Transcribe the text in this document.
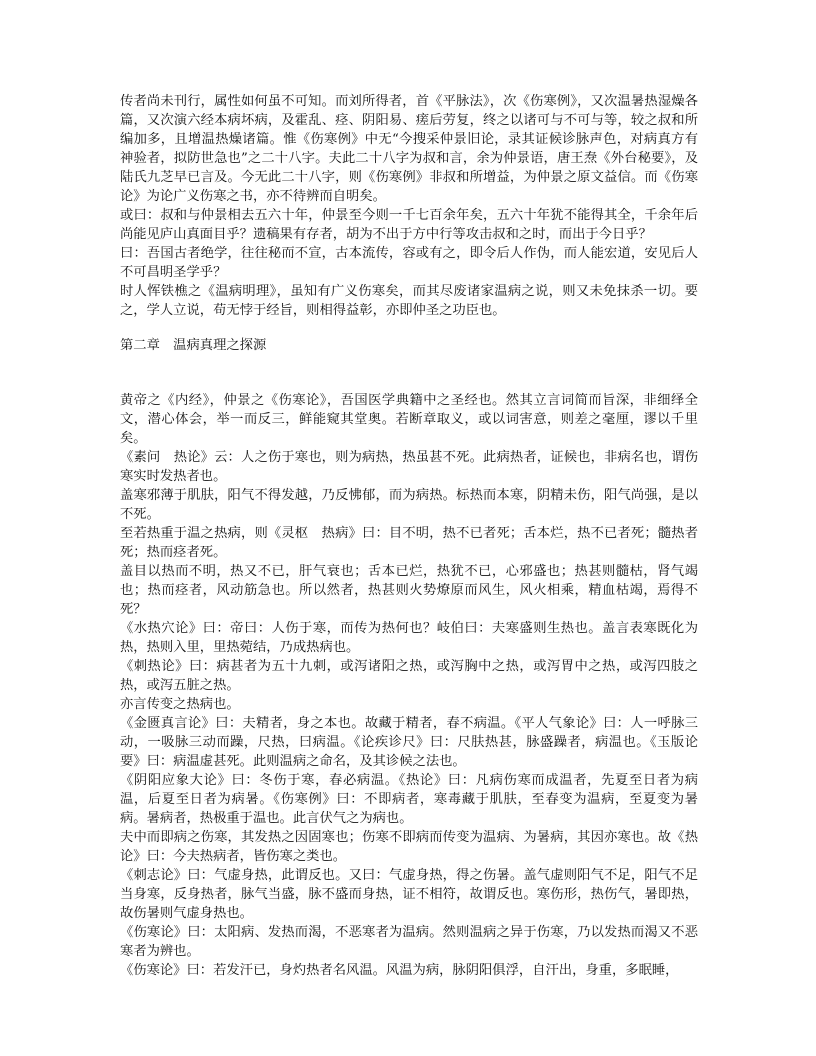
传者尚未刊行，属性如何虽不可知。而刘所得者，首《平脉法》，次《伤寒例》，又次温暑热湿燥各篇，又次演六经本病坏病，及霍乱、痉、阴阳易、瘥后劳复，终之以诸可与不可与等，较之叔和所编加多，且增温热燥诸篇。惟《伤寒例》中无“今搜采仲景旧论，录其证候诊脉声色，对病真方有神验者，拟防世急也”之二十八字。夫此二十八字为叔和言，余为仲景语，唐王焘《外台秘要》，及陆氏九芝早已言及。今无此二十八字，则《伤寒例》非叔和所增益，为仲景之原文益信。而《伤寒论》为论广义伤寒之书，亦不待辨而自明矣。

或曰：叔和与仲景相去五六十年，仲景至今则一千七百余年矣，五六十年犹不能得其全，千余年后尚能见庐山真面目乎？遗稿果有存者，胡为不出于方中行等攻击叔和之时，而出于今日乎？

曰：吾国古者绝学，往往秘而不宣，古本流传，容或有之，即令后人作伪，而人能宏道，安见后人不可昌明圣学乎？

时人恽铁樵之《温病明理》，虽知有广义伤寒矣，而其尽废诸家温病之说，则又未免抹杀一切。要之，学人立说，苟无悖于经旨，则相得益彰，亦即仲圣之功臣也。

第二章　温病真理之探源

黄帝之《内经》，仲景之《伤寒论》，吾国医学典籍中之圣经也。然其立言词简而旨深，非细绎全文，潜心体会，举一而反三，鲜能窥其堂奥。若断章取义，或以词害意，则差之毫厘，谬以千里矣。

《素问　热论》云：人之伤于寒也，则为病热，热虽甚不死。此病热者，证候也，非病名也，谓伤寒实时发热者也。

盖寒邪薄于肌肤，阳气不得发越，乃反怫郁，而为病热。标热而本寒，阴精未伤，阳气尚强，是以不死。

至若热重于温之热病，则《灵枢　热病》曰：目不明，热不已者死；舌本烂，热不已者死；髓热者死；热而痉者死。

盖目以热而不明，热又不已，肝气衰也；舌本已烂，热犹不已，心邪盛也；热甚则髓枯，肾气竭也；热而痉者，风动筋急也。所以然者，热甚则火势燎原而风生，风火相乘，精血枯竭，焉得不死？

《水热穴论》曰：帝曰：人伤于寒，而传为热何也？岐伯曰：夫寒盛则生热也。盖言表寒既化为热，热则入里，里热菀结，乃成热病也。

《刺热论》曰：病甚者为五十九刺，或泻诸阳之热，或泻胸中之热，或泻胃中之热，或泻四肢之热，或泻五脏之热。

亦言传变之热病也。

《金匮真言论》曰：夫精者，身之本也。故藏于精者，春不病温。《平人气象论》曰：人一呼脉三动，一吸脉三动而躁，尺热，曰病温。《论疾诊尺》曰：尺肤热甚，脉盛躁者，病温也。《玉版论要》曰：病温虚甚死。此则温病之命名，及其诊候之法也。

《阴阳应象大论》曰：冬伤于寒，春必病温。《热论》曰：凡病伤寒而成温者，先夏至日者为病温，后夏至日者为病暑。《伤寒例》曰：不即病者，寒毒藏于肌肤，至春变为温病，至夏变为暑病。暑病者，热极重于温也。此言伏气之为病也。

夫中而即病之伤寒，其发热之因固寒也；伤寒不即病而传变为温病、为暑病，其因亦寒也。故《热论》曰：今夫热病者，皆伤寒之类也。

《刺志论》曰：气虚身热，此谓反也。又曰：气虚身热，得之伤暑。盖气虚则阳气不足，阳气不足当身寒，反身热者，脉气当盛，脉不盛而身热，证不相符，故谓反也。寒伤形，热伤气，暑即热，故伤暑则气虚身热也。

《伤寒论》曰：太阳病、发热而渴，不恶寒者为温病。然则温病之异于伤寒，乃以发热而渴又不恶寒者为辨也。

《伤寒论》曰：若发汗已，身灼热者名风温。风温为病，脉阴阳俱浮，自汗出，身重，多眠睡，
